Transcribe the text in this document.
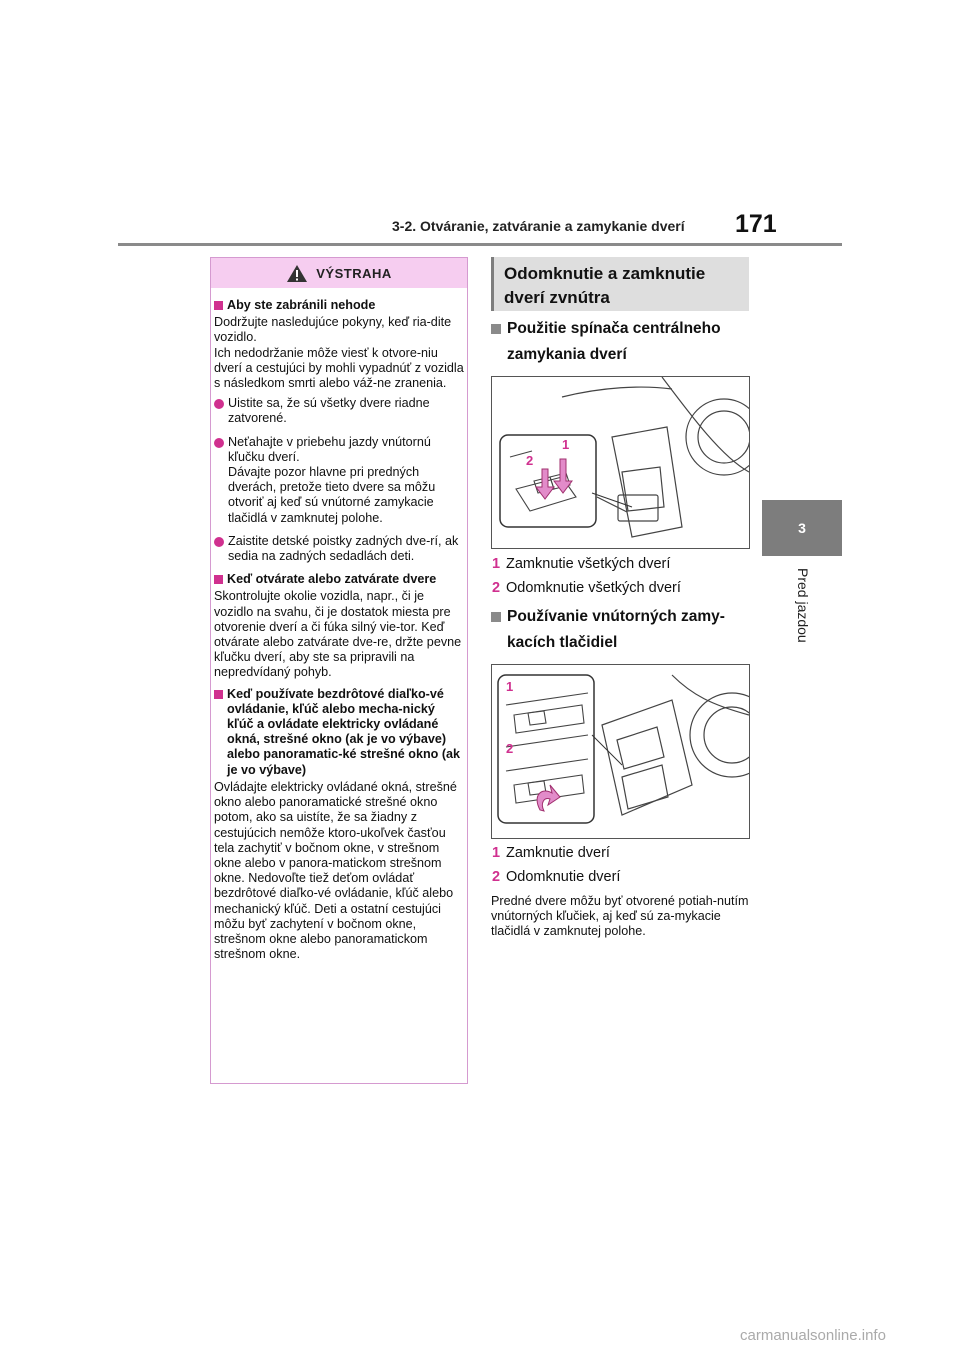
3-2. Otváranie, zatváranie a zamykanie dverí 171
3
Pred jazdou
VÝSTRAHA
Aby ste zabránili nehode

Dodržujte nasledujúce pokyny, keď ria-dite vozidlo.
Ich nedodržanie môže viesť k otvore-niu dverí a cestujúci by mohli vypadnúť z vozidla s následkom smrti alebo váž-ne zranenia.

Uistite sa, že sú všetky dvere riadne zatvorené.
Neťahajte v priebehu jazdy vnútornú kľučku dverí.
Dávajte pozor hlavne pri predných dverách, pretože tieto dvere sa môžu otvoriť aj keď sú vnútorné zamykacie tlačidlá v zamknutej polohe.
Zaistite detské poistky zadných dve-rí, ak sedia na zadných sedadlách deti.
Keď otvárate alebo zatvárate dvere

Skontrolujte okolie vozidla, napr., či je vozidlo na svahu, či je dostatok miesta pre otvorenie dverí a či fúka silný vie-tor. Keď otvárate alebo zatvárate dve-re, držte pevne kľučku dverí, aby ste sa pripravili na nepredvídaný pohyb.

Keď používate bezdrôtové diaľko-vé ovládanie, kľúč alebo mecha-nický kľúč a ovládate elektricky ovládané okná, strešné okno (ak je vo výbave) alebo panoramatic-ké strešné okno (ak je vo výbave)

Ovládajte elektricky ovládané okná, strešné okno alebo panoramatické strešné okno potom, ako sa uistíte, že sa žiadny z cestujúcich nemôže ktoro-ukoľvek časťou tela zachytiť v bočnom okne, v strešnom okne alebo v panora-matickom strešnom okne. Nedovoľte tiež deťom ovládať bezdrôtové diaľko-vé ovládanie, kľúč alebo mechanický kľúč. Deti a ostatní cestujúci môžu byť zachytení v bočnom okne, strešnom okne alebo panoramatickom strešnom okne.

Odomknutie a zamknutie dverí zvnútra
Použitie spínača centrálneho zamykania dverí
2
1
1 Zamknutie všetkých dverí
2 Odomknutie všetkých dverí
Používanie vnútorných zamy-kacích tlačidiel
1
2
1 Zamknutie dverí
2 Odomknutie dverí
Predné dvere môžu byť otvorené potiah-nutím vnútorných kľučiek, aj keď sú za-mykacie tlačidlá v zamknutej polohe.
carmanualsonline.info
